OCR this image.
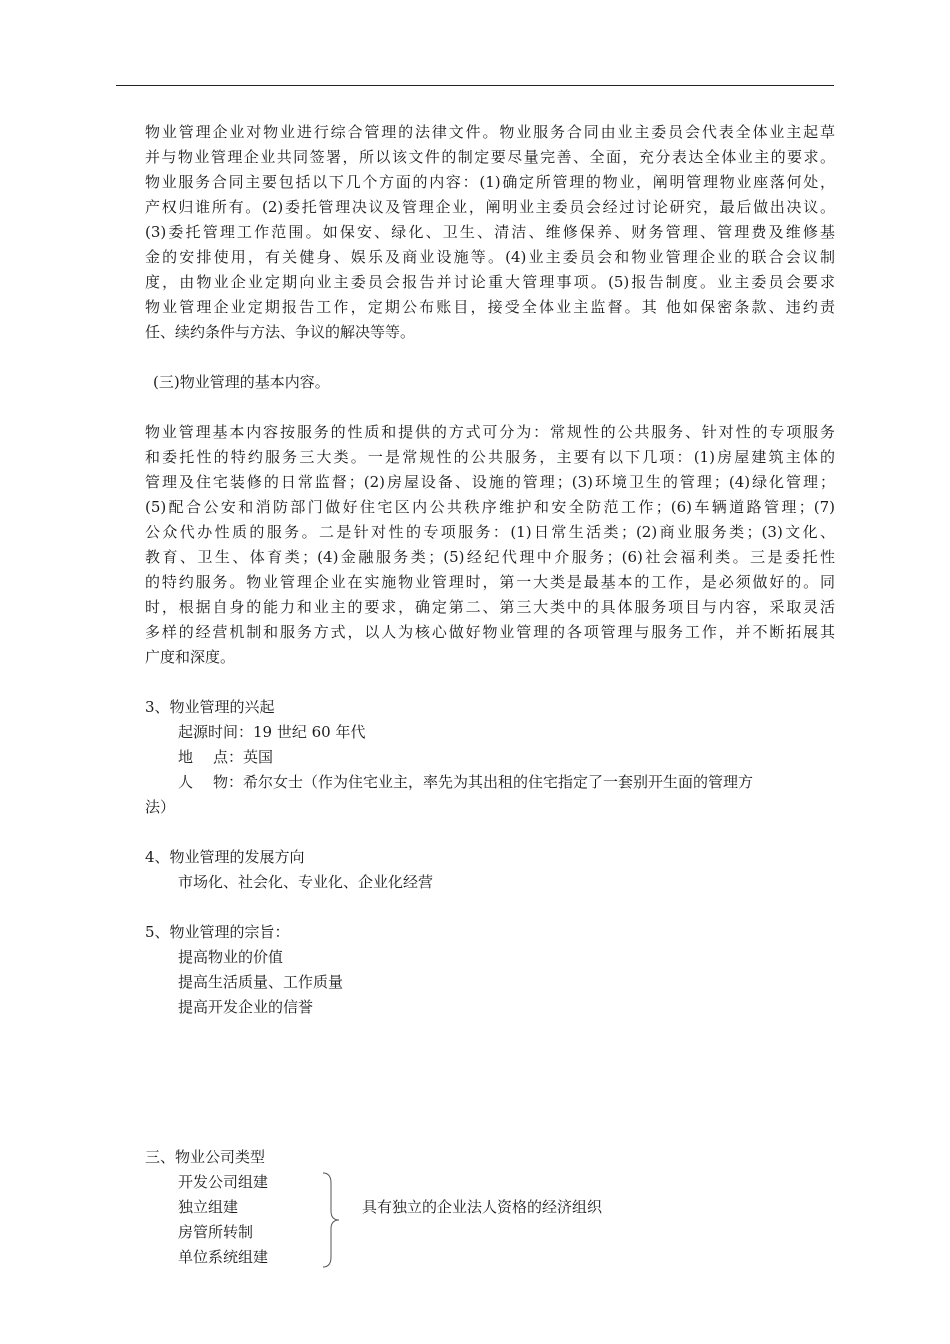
物业管理企业对物业进行综合管理的法律文件。物业服务合同由业主委员会代表全体业主起草

并与物业管理企业共同签署，所以该文件的制定要尽量完善、全面，充分表达全体业主的要求。

物业服务合同主要包括以下几个方面的内容：(1)确定所管理的物业，阐明管理物业座落何处，

产权归谁所有。(2)委托管理决议及管理企业，阐明业主委员会经过讨论研究，最后做出决议。

(3)委托管理工作范围。如保安、绿化、卫生、清洁、维修保养、财务管理、管理费及维修基

金的安排使用，有关健身、娱乐及商业设施等。(4)业主委员会和物业管理企业的联合会议制

度，由物业企业定期向业主委员会报告并讨论重大管理事项。(5)报告制度。业主委员会要求

物业管理企业定期报告工作，定期公布账目，接受全体业主监督。其 他如保密条款、违约责

任、续约条件与方法、争议的解决等等。

(三)物业管理的基本内容。

物业管理基本内容按服务的性质和提供的方式可分为：常规性的公共服务、针对性的专项服务

和委托性的特约服务三大类。一是常规性的公共服务，主要有以下几项：(1)房屋建筑主体的

管理及住宅装修的日常监督；(2)房屋设备、设施的管理；(3)环境卫生的管理；(4)绿化管理；

(5)配合公安和消防部门做好住宅区内公共秩序维护和安全防范工作；(6)车辆道路管理；(7)

公众代办性质的服务。二是针对性的专项服务：(1)日常生活类；(2)商业服务类；(3)文化、

教育、卫生、体育类；(4)金融服务类；(5)经纪代理中介服务；(6)社会福利类。三是委托性

的特约服务。物业管理企业在实施物业管理时，第一大类是最基本的工作，是必须做好的。同

时，根据自身的能力和业主的要求，确定第二、第三大类中的具体服务项目与内容，采取灵活

多样的经营机制和服务方式，以人为核心做好物业管理的各项管理与服务工作，并不断拓展其

广度和深度。

3、物业管理的兴起

起源时间：19 世纪 60 年代

地点：英国

人物：希尔女士（作为住宅业主，率先为其出租的住宅指定了一套别开生面的管理方

法）

4、物业管理的发展方向

市场化、社会化、专业化、企业化经营

5、物业管理的宗旨：

提高物业的价值

提高生活质量、工作质量

提高开发企业的信誉

三、物业公司类型

开发公司组建

独立组建

房管所转制

单位系统组建

具有独立的企业法人资格的经济组织
